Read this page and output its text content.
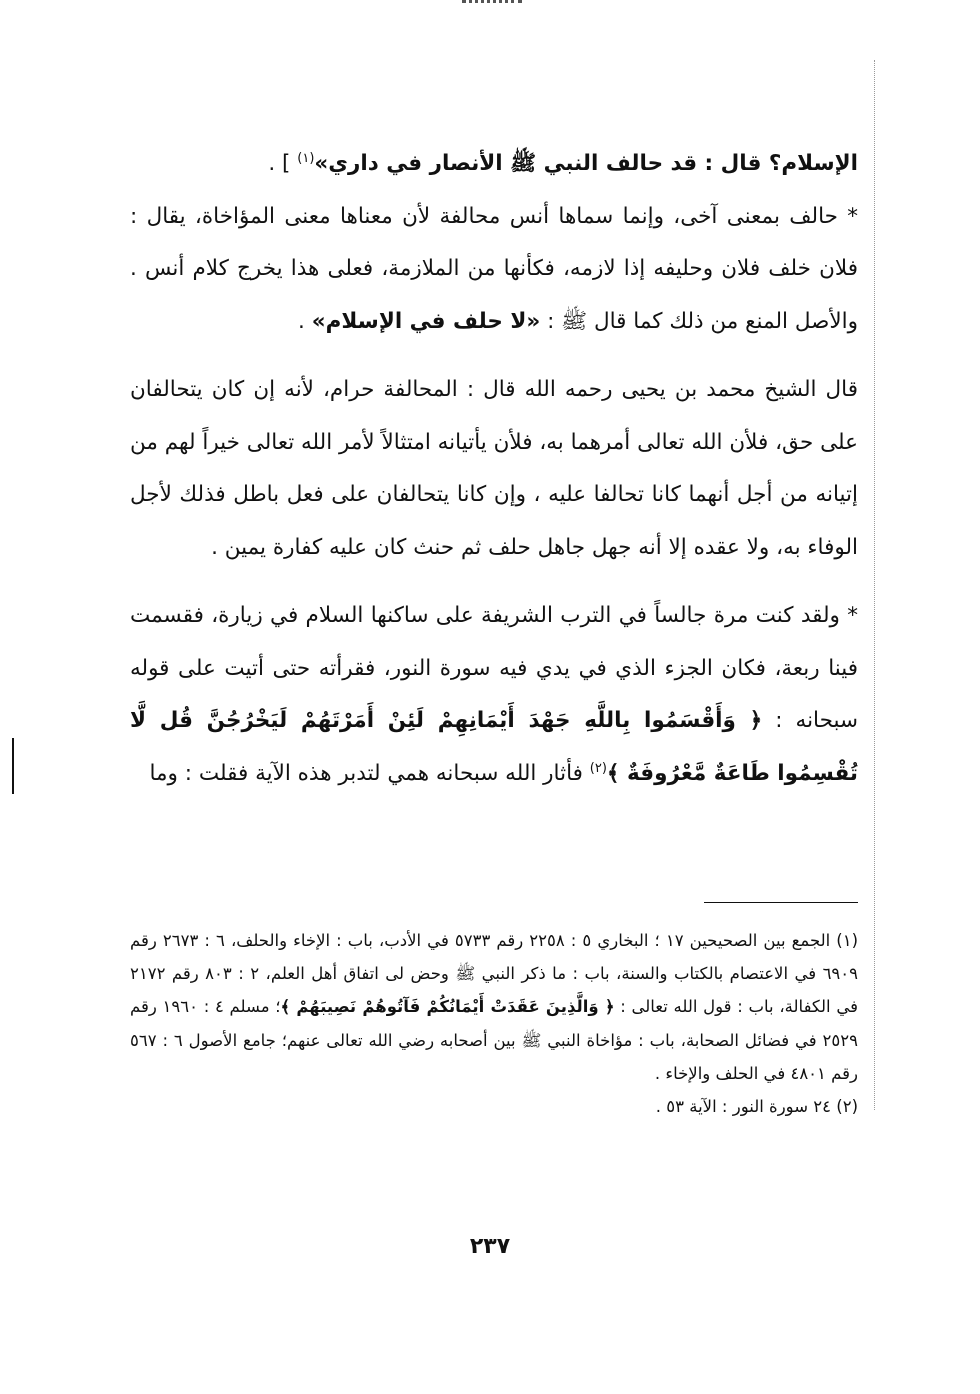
الإسلام؟ قال : قد حالف النبي ﷺ الأنصار في داري»$^{(١)}$ ] .

* حالف بمعنى آخى، وإنما سماها أنس محالفة لأن معناها معنى المؤاخاة، يقال : فلان خلف فلان وحليفه إذا لازمه، فكأنها من الملازمة، فعلى هذا يخرج كلام أنس . والأصل المنع من ذلك كما قال ﷺ : «لا حلف في الإسلام» .

قال الشيخ محمد بن يحيى رحمه الله قال : المحالفة حرام، لأنه إن كان يتحالفان على حق، فلأن الله تعالى أمرهما به، فلأن يأتيانه امتثالاً لأمر الله تعالى خيراً لهم من إتيانه من أجل أنهما كانا تحالفا عليه ، وإن كانا يتحالفان على فعل باطل فذلك لأجل الوفاء به، ولا عقده إلا أنه جهل جاهل حلف ثم حنث كان عليه كفارة يمين .

* ولقد كنت مرة جالساً في الترب الشريفة على ساكنها السلام في زيارة، فقسمت فينا ربعة، فكان الجزء الذي في يدي فيه سورة النور، فقرأته حتى أتيت على قوله سبحانه : ﴿ وَأَقْسَمُوا بِاللَّهِ جَهْدَ أَيْمَانِهِمْ لَئِنْ أَمَرْتَهُمْ لَيَخْرُجُنَّ قُل لَّا تُقْسِمُوا طَاعَةٌ مَّعْرُوفَةٌ ﴾$^{(٢)}$ فأثار الله سبحانه همي لتدبر هذه الآية فقلت : وما

(١) الجمع بين الصحيحين ١٧ ؛ البخاري ٥ : ٢٢٥٨ رقم ٥٧٣٣ في الأدب، باب : الإخاء والحلف، ٦ : ٢٦٧٣ رقم ٦٩٠٩ في الاعتصام بالكتاب والسنة، باب : ما ذكر النبي ﷺ وحض لى اتفاق أهل العلم، ٢ : ٨٠٣ رقم ٢١٧٢ في الكفالة، باب : قول الله تعالى : ﴿ وَالَّذِينَ عَقَدَتْ أَيْمَانُكُمْ فَآتُوهُمْ نَصِيبَهُمْ ﴾؛ مسلم ٤ : ١٩٦٠ رقم ٢٥٢٩ في فضائل الصحابة، باب : مؤاخاة النبي ﷺ بين أصحابه رضي الله تعالى عنهم؛ جامع الأصول ٦ : ٥٦٧ رقم ٤٨٠١ في الحلف والإخاء .

(٢) ٢٤ سورة النور : الآية ٥٣ .

٢٣٧
